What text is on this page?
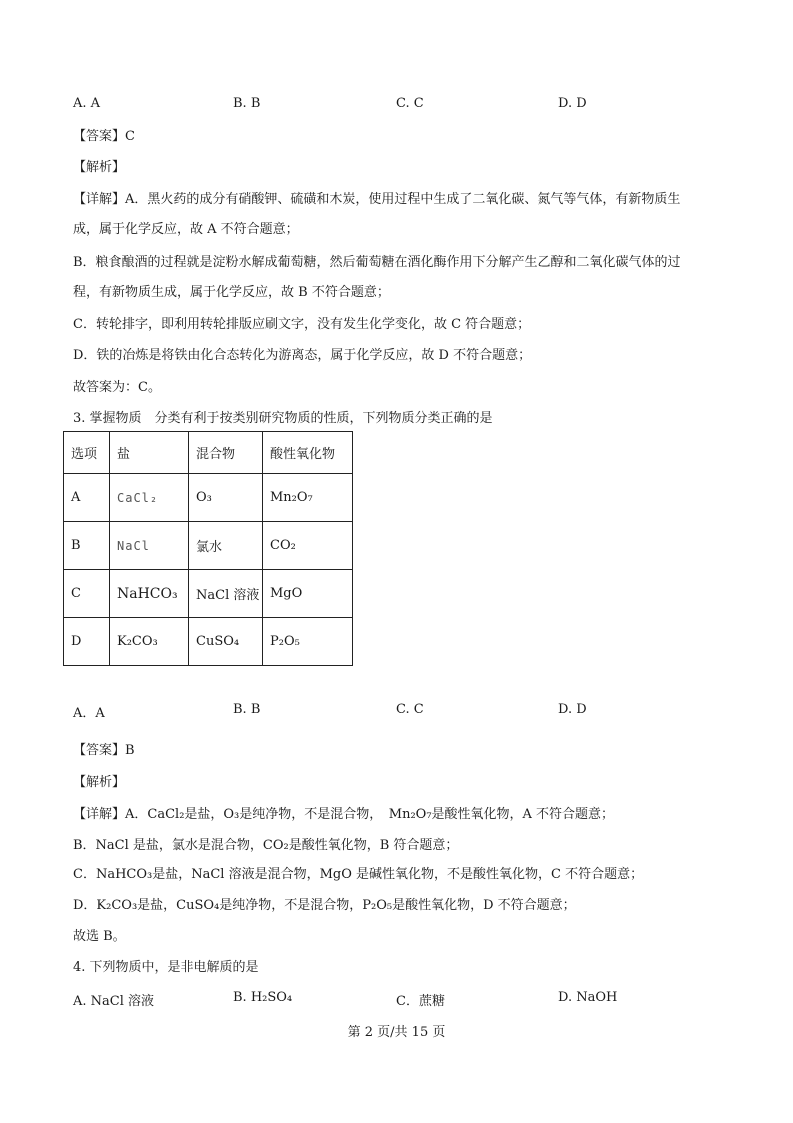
A. A	B. B	C. C	D. D
【答案】C
【解析】
【详解】A．黑火药的成分有硝酸钾、硫磺和木炭，使用过程中生成了二氧化碳、氮气等气体，有新物质生
成，属于化学反应，故 A 不符合题意；
B．粮食酿酒的过程就是淀粉水解成葡萄糖，然后葡萄糖在酒化酶作用下分解产生乙醇和二氧化碳气体的过
程，有新物质生成，属于化学反应，故 B 不符合题意；
C．转轮排字，即利用转轮排版应刷文字，没有发生化学变化，故 C 符合题意；
D．铁的冶炼是将铁由化合态转化为游离态，属于化学反应，故 D 不符合题意；
故答案为：C。
3. 掌握物质　分类有利于按类别研究物质的性质，下列物质分类正确的是
选项	盐	混合物	酸性氧化物
A	CaCl₂	O₃	Mn₂O₇
B	NaCl	氯水	CO₂
C	NaHCO₃	NaCl 溶液	MgO
D	K₂CO₃	CuSO₄	P₂O₅
A．A	B. B	C. C	D. D
【答案】B
【解析】
【详解】A．CaCl₂是盐，O₃是纯净物，不是混合物，　Mn₂O₇是酸性氧化物，A 不符合题意；
B．NaCl 是盐，氯水是混合物，CO₂是酸性氧化物，B 符合题意；
C．NaHCO₃是盐，NaCl 溶液是混合物，MgO 是碱性氧化物，不是酸性氧化物，C 不符合题意；
D．K₂CO₃是盐，CuSO₄是纯净物，不是混合物，P₂O₅是酸性氧化物，D 不符合题意；
故选 B。
4. 下列物质中，是非电解质的是
A. NaCl 溶液	B. H₂SO₄	C．蔗糖	D. NaOH
第 2 页/共 15 页
